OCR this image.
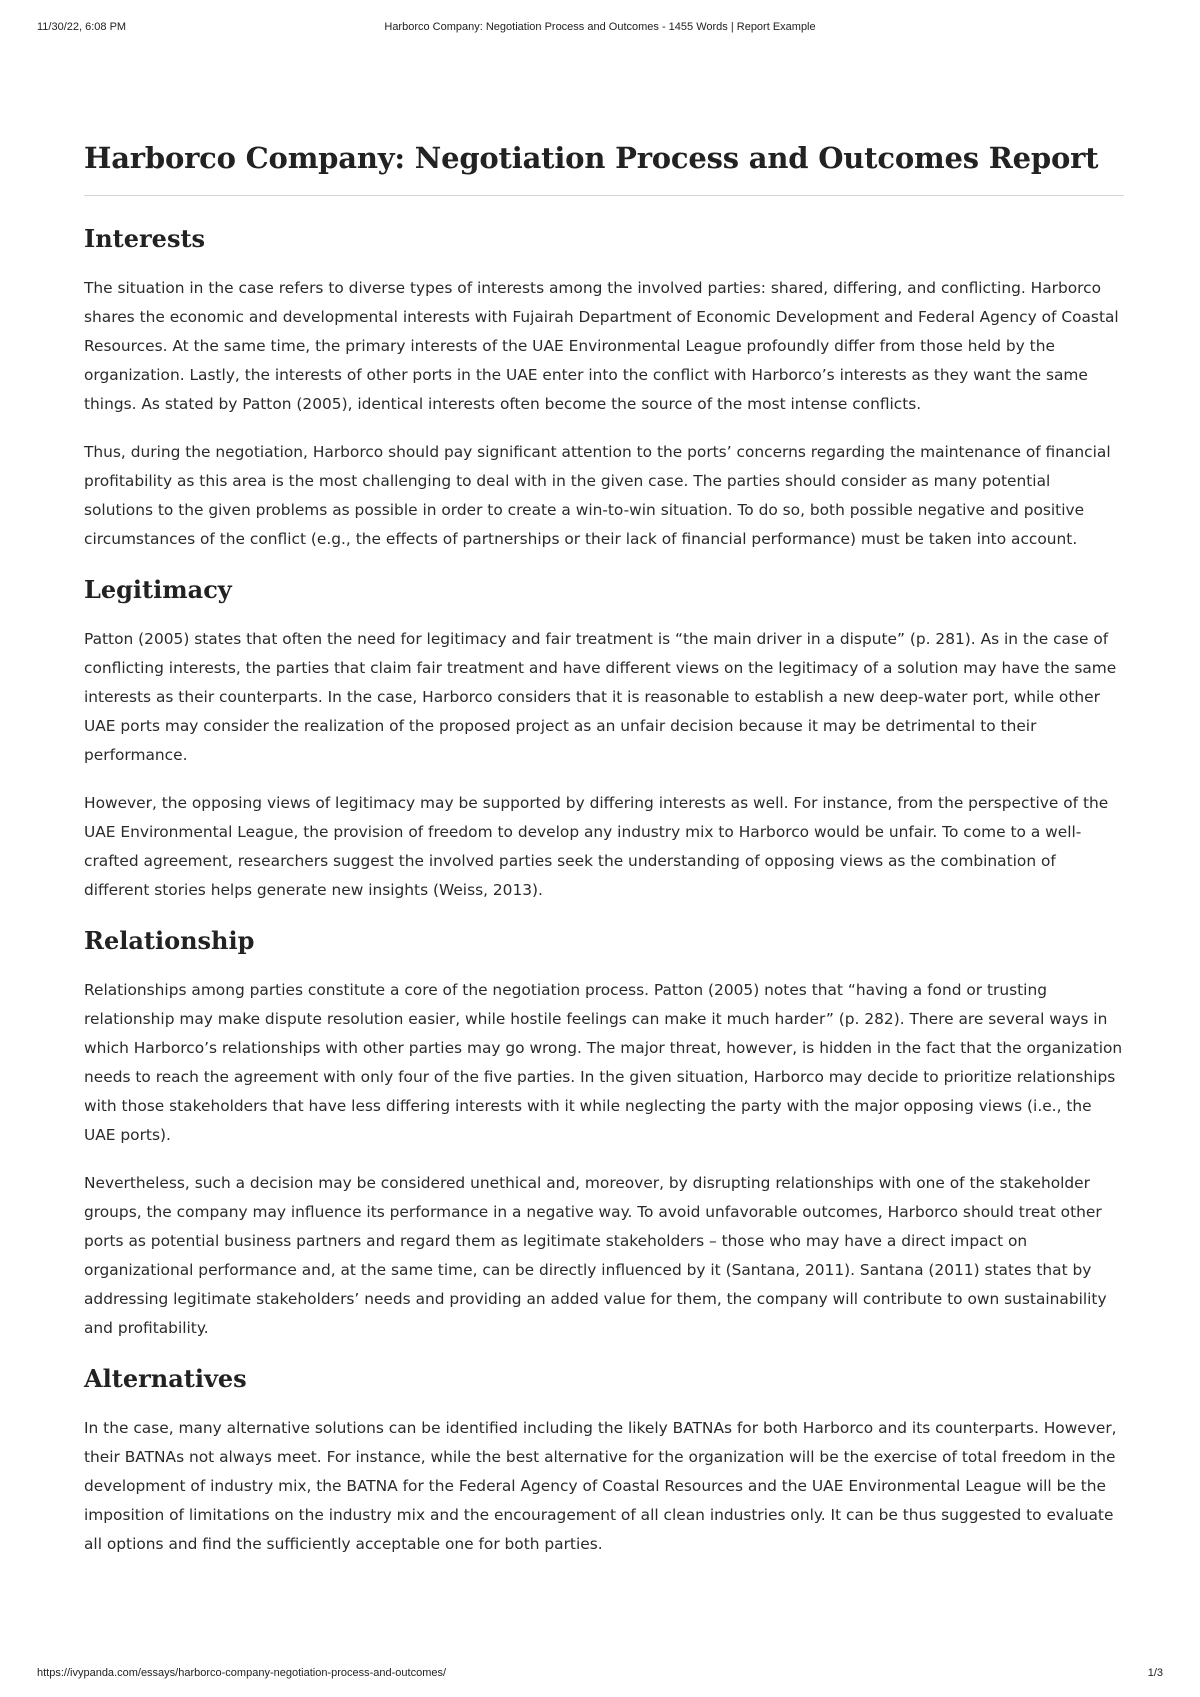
11/30/22, 6:08 PM	Harborco Company: Negotiation Process and Outcomes - 1455 Words | Report Example
Harborco Company: Negotiation Process and Outcomes Report
Interests

The situation in the case refers to diverse types of interests among the involved parties: shared, differing, and conflicting. Harborco shares the economic and developmental interests with Fujairah Department of Economic Development and Federal Agency of Coastal Resources. At the same time, the primary interests of the UAE Environmental League profoundly differ from those held by the organization. Lastly, the interests of other ports in the UAE enter into the conflict with Harborco’s interests as they want the same things. As stated by Patton (2005), identical interests often become the source of the most intense conflicts.

Thus, during the negotiation, Harborco should pay significant attention to the ports’ concerns regarding the maintenance of financial profitability as this area is the most challenging to deal with in the given case. The parties should consider as many potential solutions to the given problems as possible in order to create a win-to-win situation. To do so, both possible negative and positive circumstances of the conflict (e.g., the effects of partnerships or their lack of financial performance) must be taken into account.

Legitimacy

Patton (2005) states that often the need for legitimacy and fair treatment is “the main driver in a dispute” (p. 281). As in the case of conflicting interests, the parties that claim fair treatment and have different views on the legitimacy of a solution may have the same interests as their counterparts. In the case, Harborco considers that it is reasonable to establish a new deep-water port, while other UAE ports may consider the realization of the proposed project as an unfair decision because it may be detrimental to their performance.

However, the opposing views of legitimacy may be supported by differing interests as well. For instance, from the perspective of the UAE Environmental League, the provision of freedom to develop any industry mix to Harborco would be unfair. To come to a well-crafted agreement, researchers suggest the involved parties seek the understanding of opposing views as the combination of different stories helps generate new insights (Weiss, 2013).

Relationship

Relationships among parties constitute a core of the negotiation process. Patton (2005) notes that “having a fond or trusting relationship may make dispute resolution easier, while hostile feelings can make it much harder” (p. 282). There are several ways in which Harborco’s relationships with other parties may go wrong. The major threat, however, is hidden in the fact that the organization needs to reach the agreement with only four of the five parties. In the given situation, Harborco may decide to prioritize relationships with those stakeholders that have less differing interests with it while neglecting the party with the major opposing views (i.e., the UAE ports).

Nevertheless, such a decision may be considered unethical and, moreover, by disrupting relationships with one of the stakeholder groups, the company may influence its performance in a negative way. To avoid unfavorable outcomes, Harborco should treat other ports as potential business partners and regard them as legitimate stakeholders – those who may have a direct impact on organizational performance and, at the same time, can be directly influenced by it (Santana, 2011). Santana (2011) states that by addressing legitimate stakeholders’ needs and providing an added value for them, the company will contribute to own sustainability and profitability.

Alternatives

In the case, many alternative solutions can be identified including the likely BATNAs for both Harborco and its counterparts. However, their BATNAs not always meet. For instance, while the best alternative for the organization will be the exercise of total freedom in the development of industry mix, the BATNA for the Federal Agency of Coastal Resources and the UAE Environmental League will be the imposition of limitations on the industry mix and the encouragement of all clean industries only. It can be thus suggested to evaluate all options and find the sufficiently acceptable one for both parties.

https://ivypanda.com/essays/harborco-company-negotiation-process-and-outcomes/	1/3
